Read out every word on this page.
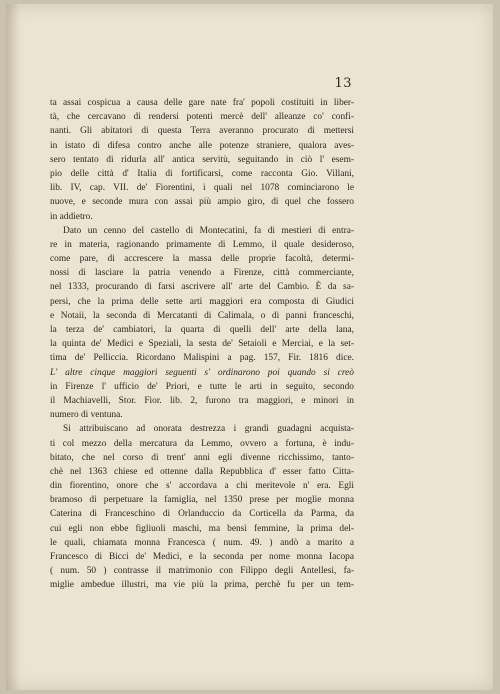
13
ta assai cospicua a causa delle gare nate fra' popoli costituiti in liber-
tà, che cercavano di rendersi potenti mercè dell' alleanze co' confi-
nanti. Gli abitatori di questa Terra averanno procurato di mettersi
in istato di difesa contro anche alle potenze straniere, qualora aves-
sero tentato di ridurla all' antica servitù, seguitando in ciò l' esem-
pio delle città d' Italia di fortificarsi, come racconta Gio. Villani,
lib. IV, cap. VII. de' Fiorentini, i quali nel 1078 cominciarono le
nuove, e seconde mura con assai più ampio giro, di quel che fossero
in addietro.
Dato un cenno del castello di Montecatini, fa di mestieri di entra-
re in materia, ragionando primamente di Lemmo, il quale desideroso,
come pare, di accrescere la massa delle proprie facoltà, determi-
nossi di lasciare la patria venendo a Firenze, città commerciante,
nel 1333, procurando di farsi ascrivere all' arte del Cambio. È da sa-
persi, che la prima delle sette arti maggiori era composta di Giudici
e Notaii, la seconda di Mercatanti di Calimala, o di panni franceschi,
la terza de' cambiatori, la quarta di quelli dell' arte della lana,
la quinta de' Medici e Speziali, la sesta de' Setaioli e Merciai, e la set-
tima de' Pelliccia. Ricordano Malispini a pag. 157, Fir. 1816 dice.
L' altre cinque maggiori seguenti s' ordinarono poi quando si creò
in Firenze l' ufficio de' Priori, e tutte le arti in seguito, secondo
il Machiavelli, Stor. Fior. lib. 2, furono tra maggiori, e minori in
numero di ventuna.
Si attribuiscano ad onorata destrezza i grandi guadagni acquista-
ti col mezzo della mercatura da Lemmo, ovvero a fortuna, è indu-
bitato, che nel corso di trent' anni egli divenne ricchissimo, tanto-
chè nel 1363 chiese ed ottenne dalla Repubblica d' esser fatto Citta-
din fiorentino, onore che s' accordava a chi meritevole n' era. Egli
bramoso di perpetuare la famiglia, nel 1350 prese per moglie monna
Caterina di Franceschino di Orlanduccio da Corticella da Parma, da
cui egli non ebbe figliuoli maschi, ma bensì femmine, la prima del-
le quali, chiamata monna Francesca ( num. 49. ) andò a marito a
Francesco di Bicci de' Medici, e la seconda per nome monna Iacopa
( num. 50 ) contrasse il matrimonio con Filippo degli Antellesi, fa-
miglie ambedue illustri, ma vie più la prima, perchè fu per un tem-
